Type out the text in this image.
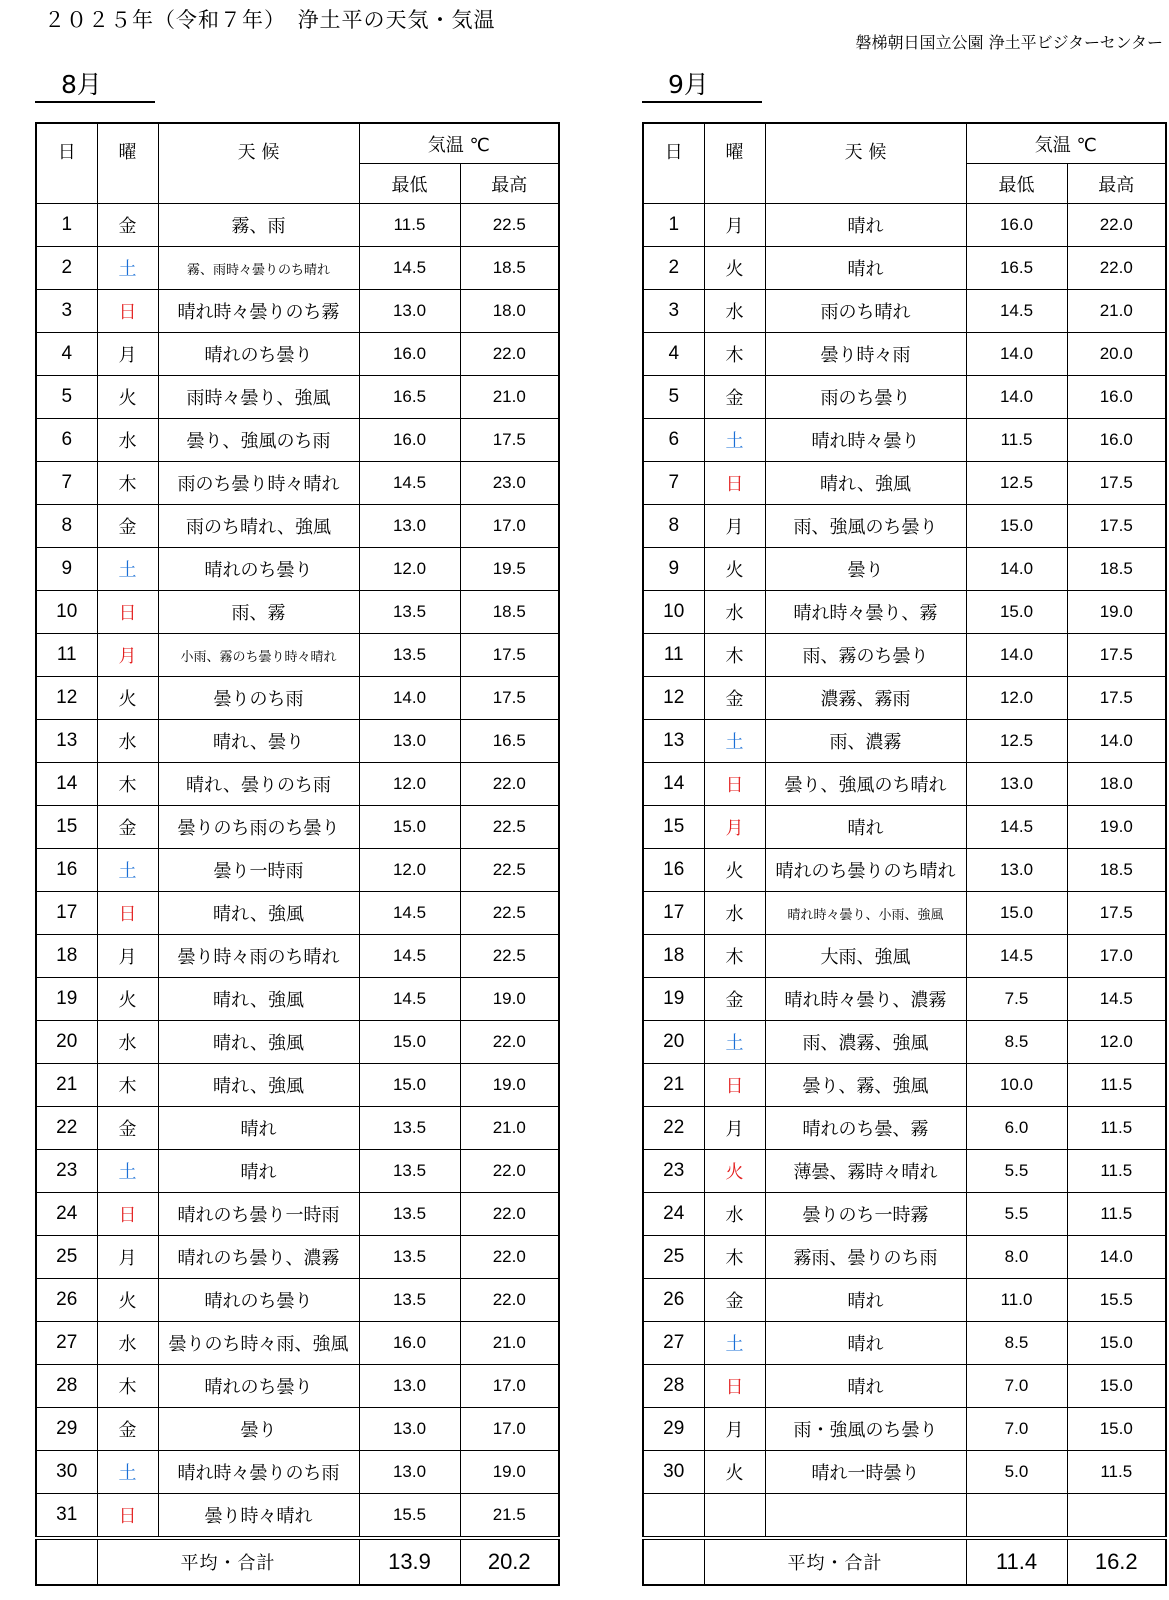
２０２５年（令和７年）　浄土平の天気・気温
磐梯朝日国立公園 浄土平ビジターセンター
8月	9月
日	曜	天 候	気温 ℃	
			最低	最高
1	金	霧、雨	11.5	22.5
2	土	霧、雨時々曇りのち晴れ	14.5	18.5
3	日	晴れ時々曇りのち霧	13.0	18.0
4	月	晴れのち曇り	16.0	22.0
5	火	雨時々曇り、強風	16.5	21.0
6	水	曇り、強風のち雨	16.0	17.5
7	木	雨のち曇り時々晴れ	14.5	23.0
8	金	雨のち晴れ、強風	13.0	17.0
9	土	晴れのち曇り	12.0	19.5
10	日	雨、霧	13.5	18.5
11	月	小雨、霧のち曇り時々晴れ	13.5	17.5
12	火	曇りのち雨	14.0	17.5
13	水	晴れ、曇り	13.0	16.5
14	木	晴れ、曇りのち雨	12.0	22.0
15	金	曇りのち雨のち曇り	15.0	22.5
16	土	曇り一時雨	12.0	22.5
17	日	晴れ、強風	14.5	22.5
18	月	曇り時々雨のち晴れ	14.5	22.5
19	火	晴れ、強風	14.5	19.0
20	水	晴れ、強風	15.0	22.0
21	木	晴れ、強風	15.0	19.0
22	金	晴れ	13.5	21.0
23	土	晴れ	13.5	22.0
24	日	晴れのち曇り一時雨	13.5	22.0
25	月	晴れのち曇り、濃霧	13.5	22.0
26	火	晴れのち曇り	13.5	22.0
27	水	曇りのち時々雨、強風	16.0	21.0
28	木	晴れのち曇り	13.0	17.0
29	金	曇り	13.0	17.0
30	土	晴れ時々曇りのち雨	13.0	19.0
31	日	曇り時々晴れ	15.5	21.5
	平均・合計		13.9	20.2
日	曜	天 候	気温 ℃	
			最低	最高
1	月	晴れ	16.0	22.0
2	火	晴れ	16.5	22.0
3	水	雨のち晴れ	14.5	21.0
4	木	曇り時々雨	14.0	20.0
5	金	雨のち曇り	14.0	16.0
6	土	晴れ時々曇り	11.5	16.0
7	日	晴れ、強風	12.5	17.5
8	月	雨、強風のち曇り	15.0	17.5
9	火	曇り	14.0	18.5
10	水	晴れ時々曇り、霧	15.0	19.0
11	木	雨、霧のち曇り	14.0	17.5
12	金	濃霧、霧雨	12.0	17.5
13	土	雨、濃霧	12.5	14.0
14	日	曇り、強風のち晴れ	13.0	18.0
15	月	晴れ	14.5	19.0
16	火	晴れのち曇りのち晴れ	13.0	18.5
17	水	晴れ時々曇り、小雨、強風	15.0	17.5
18	木	大雨、強風	14.5	17.0
19	金	晴れ時々曇り、濃霧	7.5	14.5
20	土	雨、濃霧、強風	8.5	12.0
21	日	曇り、霧、強風	10.0	11.5
22	月	晴れのち曇、霧	6.0	11.5
23	火	薄曇、霧時々晴れ	5.5	11.5
24	水	曇りのち一時霧	5.5	11.5
25	木	霧雨、曇りのち雨	8.0	14.0
26	金	晴れ	11.0	15.5
27	土	晴れ	8.5	15.0
28	日	晴れ	7.0	15.0
29	月	雨・強風のち曇り	7.0	15.0
30	火	晴れ一時曇り	5.0	11.5

	平均・合計		11.4	16.2
